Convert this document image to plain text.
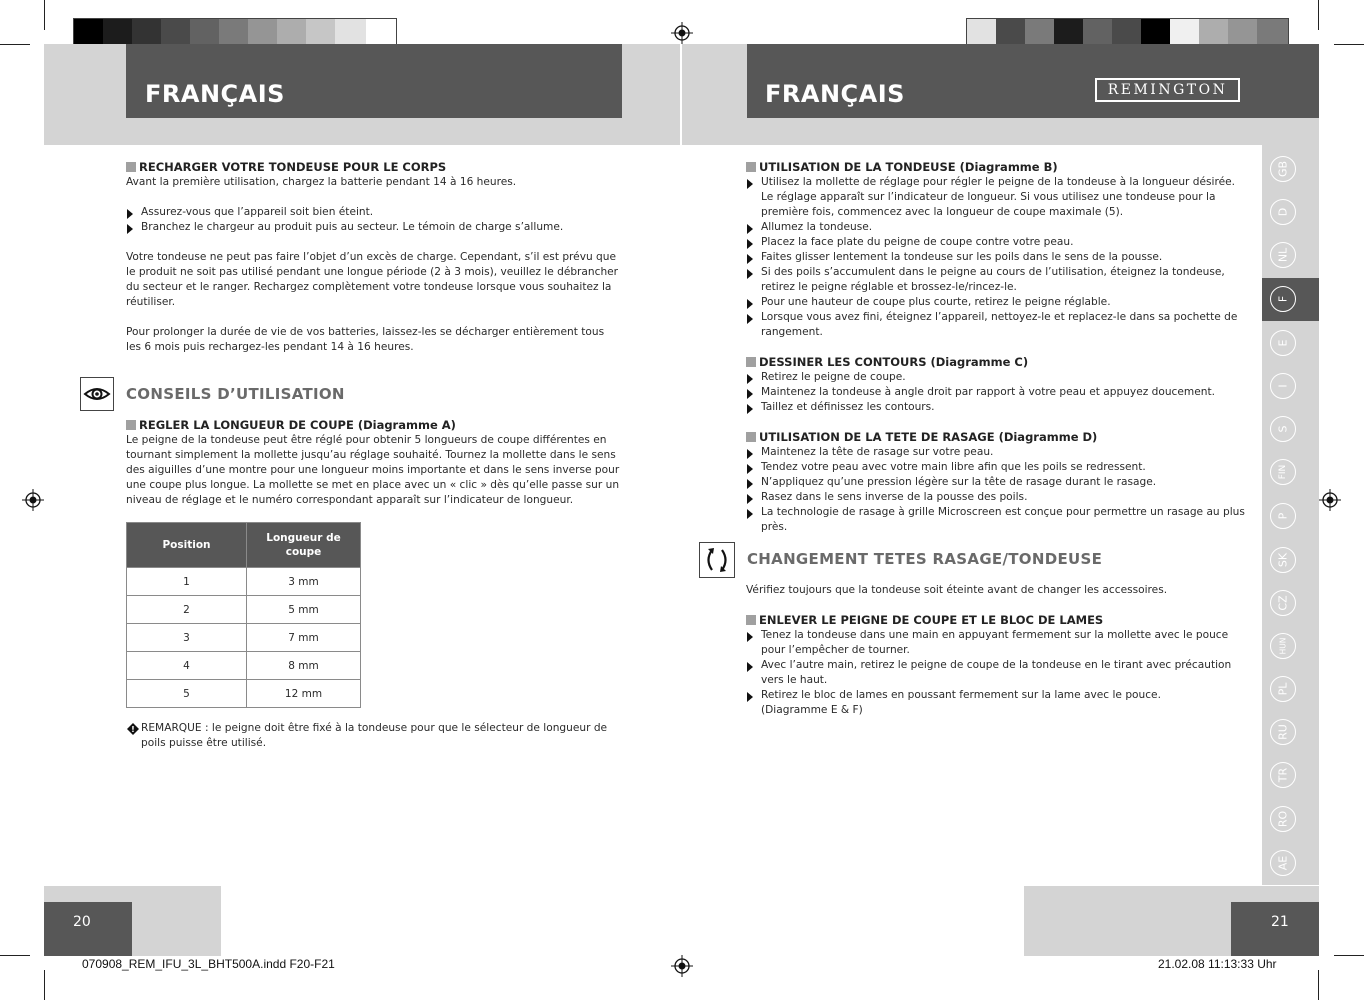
FRANÇAIS	FRANÇAIS	REMINGTON
RECHARGER VOTRE TONDEUSE POUR LE CORPS
Avant la première utilisation, chargez la batterie pendant 14 à 16 heures.
Assurez-vous que l’appareil soit bien éteint.
Branchez le chargeur au produit puis au secteur. Le témoin de charge s’allume.
Votre tondeuse ne peut pas faire l’objet d’un excès de charge. Cependant, s’il est prévu que le produit ne soit pas utilisé pendant une longue période (2 à 3 mois), veuillez le débrancher du secteur et le ranger. Rechargez complètement votre tondeuse lorsque vous souhaitez la réutiliser.
Pour prolonger la durée de vie de vos batteries, laissez-les se décharger entièrement tous les 6 mois puis rechargez-les pendant 14 à 16 heures.
CONSEILS D’UTILISATION
REGLER LA LONGUEUR DE COUPE (Diagramme A)
Le peigne de la tondeuse peut être réglé pour obtenir 5 longueurs de coupe différentes en tournant simplement la mollette jusqu’au réglage souhaité. Tournez la mollette dans le sens des aiguilles d’une montre pour une longueur moins importante et dans le sens inverse pour une coupe plus longue. La mollette se met en place avec un « clic » dès qu’elle passe sur un niveau de réglage et le numéro correspondant apparaît sur l’indicateur de longueur.
Position	Longueur de coupe
1	3 mm
2	5 mm
3	7 mm
4	8 mm
5	12 mm
! REMARQUE : le peigne doit être fixé à la tondeuse pour que le sélecteur de longueur de poils puisse être utilisé.
UTILISATION DE LA TONDEUSE (Diagramme B)
Utilisez la mollette de réglage pour régler le peigne de la tondeuse à la longueur désirée. Le réglage apparaît sur l’indicateur de longueur. Si vous utilisez une tondeuse pour la première fois, commencez avec la longueur de coupe maximale (5).
Allumez la tondeuse.
Placez la face plate du peigne de coupe contre votre peau.
Faites glisser lentement la tondeuse sur les poils dans le sens de la pousse.
Si des poils s’accumulent dans le peigne au cours de l’utilisation, éteignez la tondeuse, retirez le peigne réglable et brossez-le/rincez-le.
Pour une hauteur de coupe plus courte, retirez le peigne réglable.
Lorsque vous avez fini, éteignez l’appareil, nettoyez-le et replacez-le dans sa pochette de rangement.
DESSINER LES CONTOURS (Diagramme C)
Retirez le peigne de coupe.
Maintenez la tondeuse à angle droit par rapport à votre peau et appuyez doucement.
Taillez et définissez les contours.
UTILISATION DE LA TETE DE RASAGE (Diagramme D)
Maintenez la tête de rasage sur votre peau.
Tendez votre peau avec votre main libre afin que les poils se redressent.
N’appliquez qu’une pression légère sur la tête de rasage durant le rasage.
Rasez dans le sens inverse de la pousse des poils.
La technologie de rasage à grille Microscreen est conçue pour permettre un rasage au plus près.
CHANGEMENT TETES RASAGE/TONDEUSE
Vérifiez toujours que la tondeuse soit éteinte avant de changer les accessoires.
ENLEVER LE PEIGNE DE COUPE ET LE BLOC DE LAMES
Tenez la tondeuse dans une main en appuyant fermement sur la mollette avec le pouce pour l’empêcher de tourner.
Avec l’autre main, retirez le peigne de coupe de la tondeuse en le tirant avec précaution vers le haut.
Retirez le bloc de lames en poussant fermement sur la lame avec le pouce. (Diagramme E & F)
GB
D
NL
F
E
I
S
FIN
P
SK
CZ
HUN
PL
RU
TR
RO
AE
20	21
070908_REM_IFU_3L_BHT500A.indd F20-F21	21.02.08 11:13:33 Uhr
